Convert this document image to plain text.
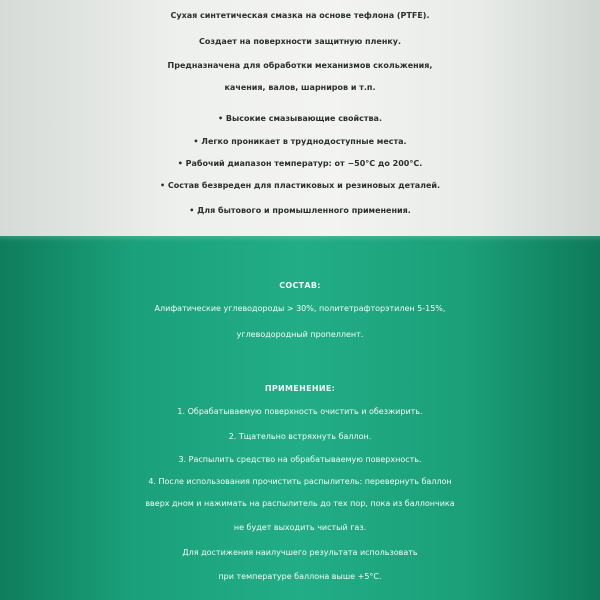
Сухая синтетическая смазка на основе тефлона (PTFE).
Создает на поверхности защитную пленку.
Предназначена для обработки механизмов скольжения,
качения, валов, шарниров и т.п.
• Высокие смазывающие свойства.
• Легко проникает в труднодоступные места.
• Рабочий диапазон температур: от −50°С до 200°С.
• Состав безвреден для пластиковых и резиновых деталей.
• Для бытового и промышленного применения.
СОСТАВ:
Алифатические углеводороды > 30%, политетрафторэтилен 5-15%,
углеводородный пропеллент.
ПРИМЕНЕНИЕ:
1. Обрабатываемую поверхность очистить и обезжирить.
2. Тщательно встряхнуть баллон.
3. Распылить средство на обрабатываемую поверхность.
4. После использования прочистить распылитель: перевернуть баллон
вверх дном и нажимать на распылитель до тех пор, пока из баллончика
не будет выходить чистый газ.
Для достижения наилучшего результата использовать
при температуре баллона выше +5°С.
